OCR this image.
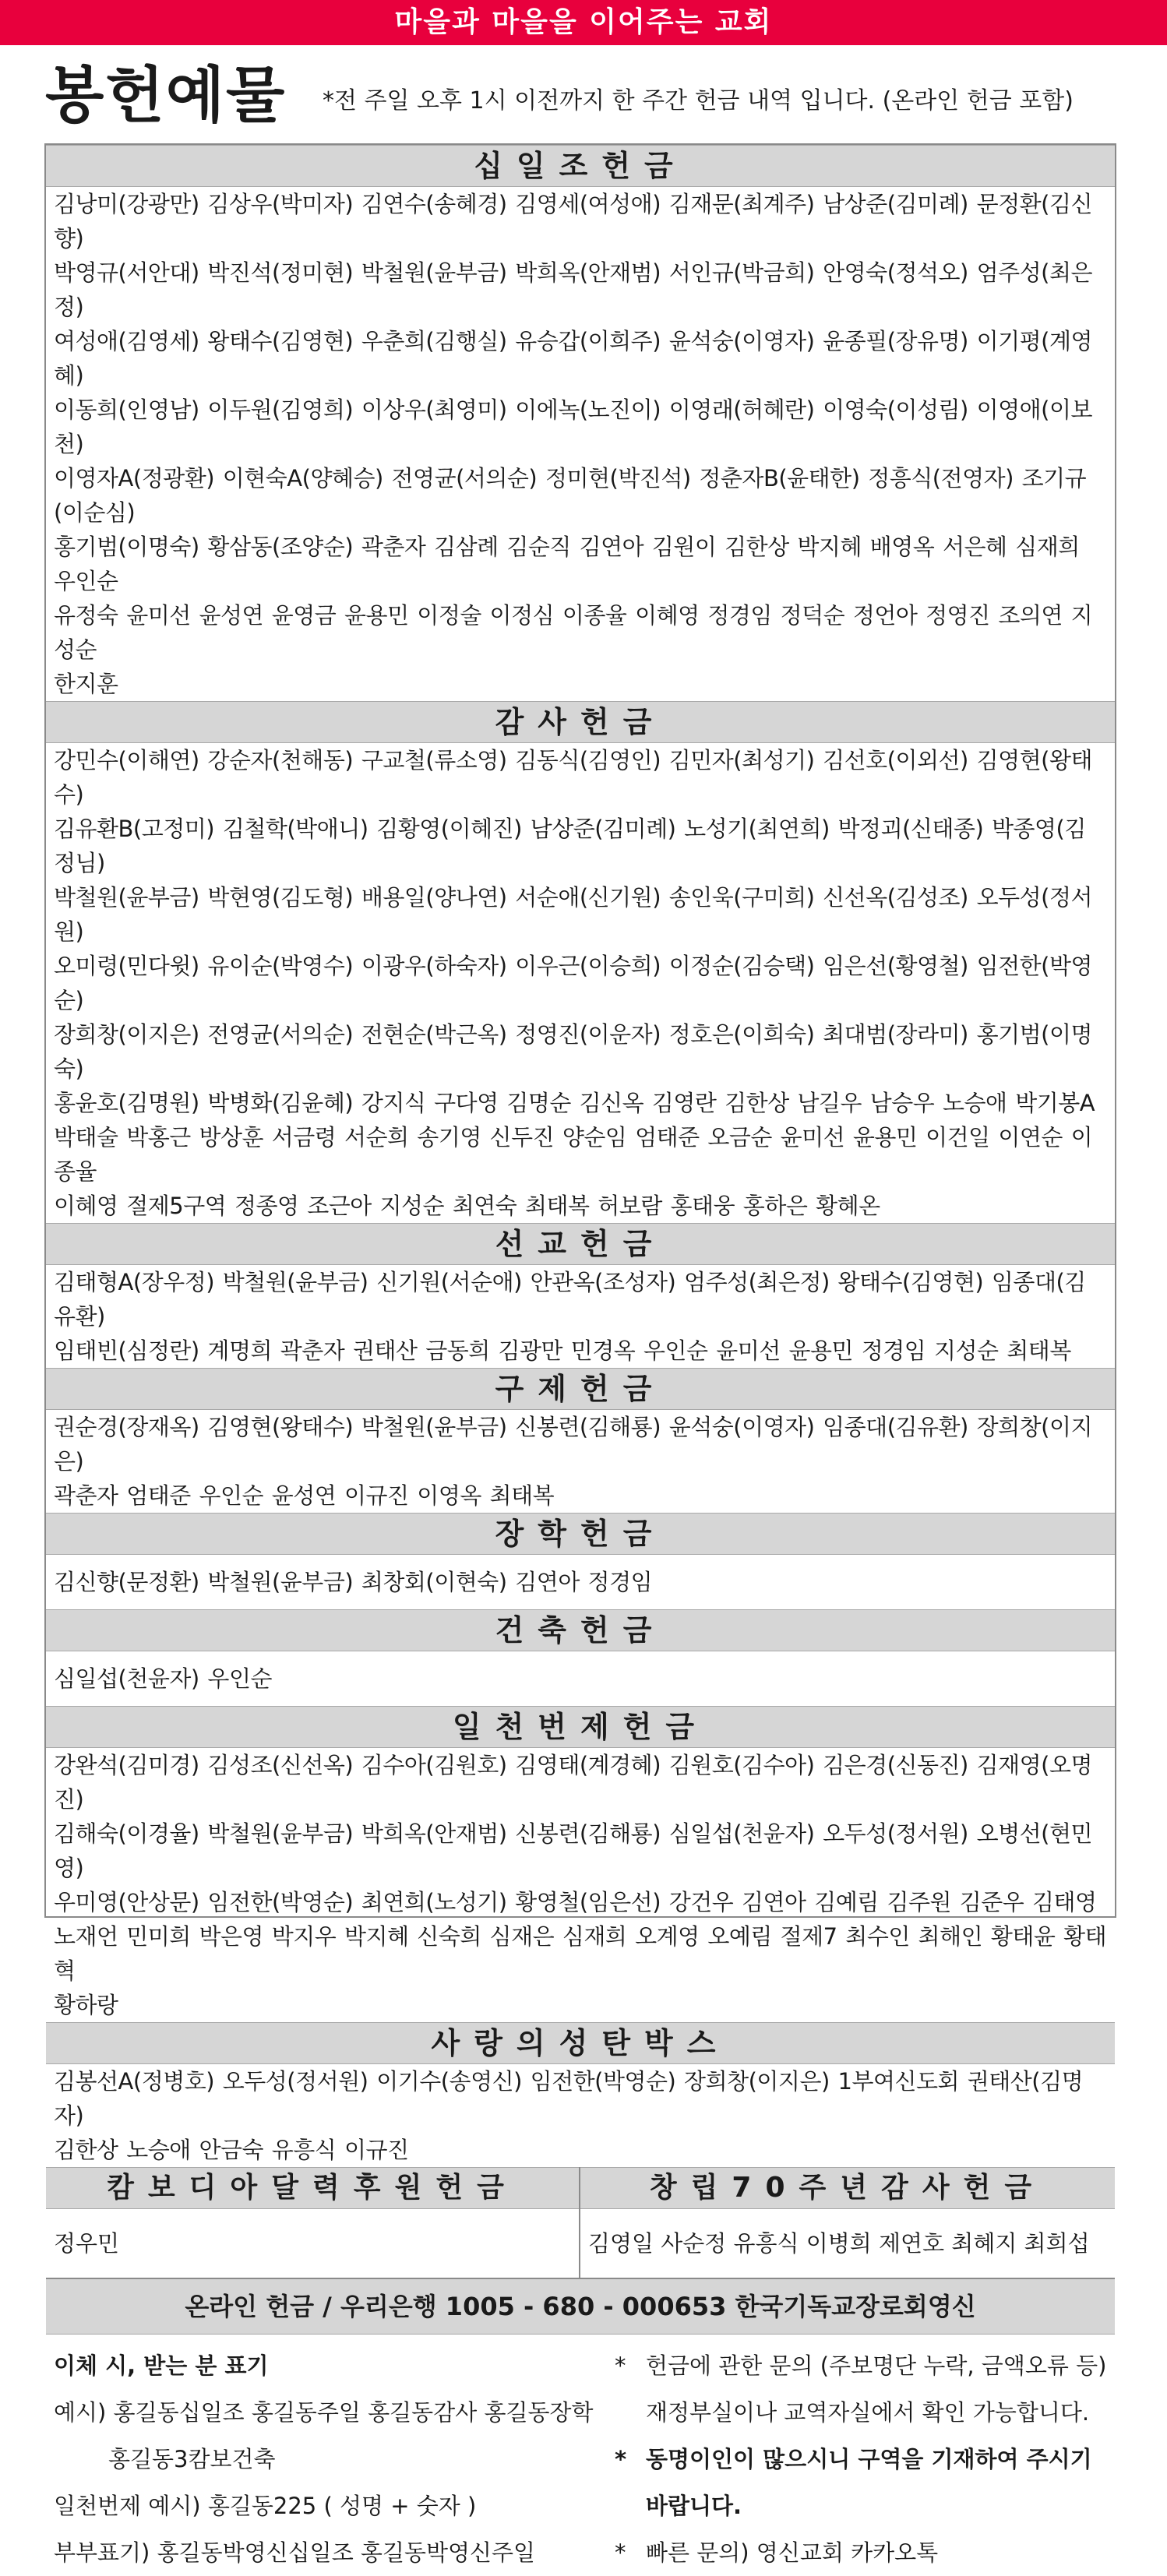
마을과 마을을 이어주는 교회
봉헌예물 *전 주일 오후 1시 이전까지 한 주간 헌금 내역 입니다. (온라인 헌금 포함)
십일조헌금
김낭미(강광만) 김상우(박미자) 김연수(송혜경) 김영세(여성애) 김재문(최계주) 남상준(김미례) 문정환(김신향)
박영규(서안대) 박진석(정미현) 박철원(윤부금) 박희옥(안재범) 서인규(박금희) 안영숙(정석오) 엄주성(최은정)
여성애(김영세) 왕태수(김영현) 우춘희(김행실) 유승갑(이희주) 윤석숭(이영자) 윤종필(장유명) 이기평(계영혜)
이동희(인영남) 이두원(김영희) 이상우(최영미) 이에녹(노진이) 이영래(허혜란) 이영숙(이성림) 이영애(이보천)
이영자A(정광환) 이현숙A(양혜승) 전영균(서의순) 정미현(박진석) 정춘자B(윤태한) 정흥식(전영자) 조기규(이순심)
홍기범(이명숙) 황삼동(조양순) 곽춘자 김삼례 김순직 김연아 김원이 김한상 박지혜 배영옥 서은혜 심재희 우인순
유정숙 윤미선 윤성연 윤영금 윤용민 이정술 이정심 이종율 이혜영 정경임 정덕순 정언아 정영진 조의연 지성순
한지훈
감사헌금
강민수(이해연) 강순자(천해동) 구교철(류소영) 김동식(김영인) 김민자(최성기) 김선호(이외선) 김영현(왕태수)
김유환B(고정미) 김철학(박애니) 김황영(이혜진) 남상준(김미례) 노성기(최연희) 박정괴(신태종) 박종영(김정님)
박철원(윤부금) 박현영(김도형) 배용일(양나연) 서순애(신기원) 송인욱(구미희) 신선옥(김성조) 오두성(정서원)
오미령(민다윗) 유이순(박영수) 이광우(하숙자) 이우근(이승희) 이정순(김승택) 임은선(황영철) 임전한(박영순)
장희창(이지은) 전영균(서의순) 전현순(박근옥) 정영진(이운자) 정호은(이희숙) 최대범(장라미) 홍기범(이명숙)
홍윤호(김명원) 박병화(김윤혜) 강지식 구다영 김명순 김신옥 김영란 김한상 남길우 남승우 노승애 박기봉A
박태술 박홍근 방상훈 서금령 서순희 송기영 신두진 양순임 엄태준 오금순 윤미선 윤용민 이건일 이연순 이종율
이혜영 절제5구역 정종영 조근아 지성순 최연숙 최태복 허보람 홍태웅 홍하은 황혜온
선교헌금
김태형A(장우정) 박철원(윤부금) 신기원(서순애) 안관옥(조성자) 엄주성(최은정) 왕태수(김영현) 임종대(김유환)
임태빈(심정란) 계명희 곽춘자 권태산 금동희 김광만 민경옥 우인순 윤미선 윤용민 정경임 지성순 최태복
구제헌금
권순경(장재옥) 김영현(왕태수) 박철원(윤부금) 신봉련(김해룡) 윤석숭(이영자) 임종대(김유환) 장희창(이지은)
곽춘자 엄태준 우인순 윤성연 이규진 이영옥 최태복
장학헌금
김신향(문정환) 박철원(윤부금) 최창회(이현숙) 김연아 정경임
건축헌금
심일섭(천윤자) 우인순
일천번제헌금
강완석(김미경) 김성조(신선옥) 김수아(김원호) 김영태(계경혜) 김원호(김수아) 김은경(신동진) 김재영(오명진)
김해숙(이경율) 박철원(윤부금) 박희옥(안재범) 신봉련(김해룡) 심일섭(천윤자) 오두성(정서원) 오병선(현민영)
우미영(안상문) 임전한(박영순) 최연희(노성기) 황영철(임은선) 강건우 김연아 김예림 김주원 김준우 김태영
노재언 민미희 박은영 박지우 박지혜 신숙희 심재은 심재희 오계영 오예림 절제7 최수인 최해인 황태윤 황태혁
황하랑
사랑의성탄박스
김봉선A(정병호) 오두성(정서원) 이기수(송영신) 임전한(박영순) 장희창(이지은) 1부여신도회 권태산(김명자)
김한상 노승애 안금숙 유흥식 이규진
캄보디아달력후원헌금
정우민
창립70주년감사헌금
김영일 사순정 유흥식 이병희 제연호 최혜지 최희섭
온라인 헌금 / 우리은행 1005 - 680 - 000653 한국기독교장로회영신
이체 시, 받는 분 표기
예시) 홍길동십일조 홍길동주일 홍길동감사 홍길동장학
홍길동3캄보건축
일천번제 예시) 홍길동225 ( 성명 + 숫자 )
부부표기) 홍길동박영신십일조 홍길동박영신주일
* 헌금에 관한 문의 (주보명단 누락, 금액오류 등)
재정부실이나 교역자실에서 확인 가능합니다.
* 동명이인이 많으시니 구역을 기재하여 주시기
바랍니다.
* 빠른 문의) 영신교회 카카오톡
